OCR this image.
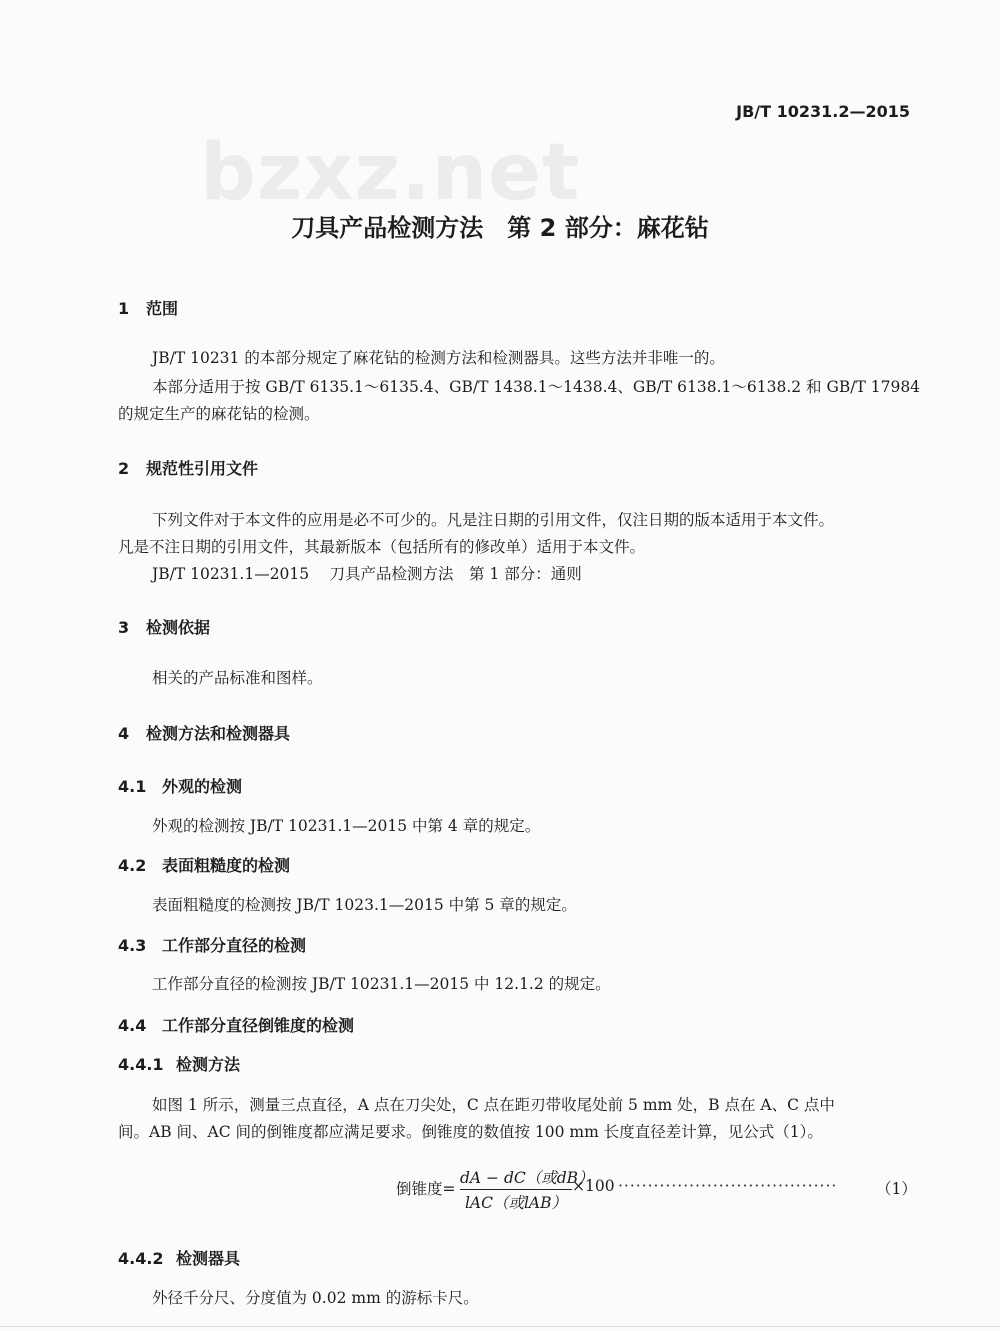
JB/T 10231.2—2015
bzxz.net
刀具产品检测方法　第 2 部分：麻花钻
1 范围
JB/T 10231 的本部分规定了麻花钻的检测方法和检测器具。这些方法并非唯一的。
本部分适用于按 GB/T 6135.1～6135.4、GB/T 1438.1～1438.4、GB/T 6138.1～6138.2 和 GB/T 17984
的规定生产的麻花钻的检测。
2 规范性引用文件
下列文件对于本文件的应用是必不可少的。凡是注日期的引用文件，仅注日期的版本适用于本文件。
凡是不注日期的引用文件，其最新版本（包括所有的修改单）适用于本文件。
JB/T 10231.1—2015　 刀具产品检测方法　第 1 部分：通则
3 检测依据
相关的产品标准和图样。
4 检测方法和检测器具
4.1 外观的检测
外观的检测按 JB/T 10231.1—2015 中第 4 章的规定。
4.2 表面粗糙度的检测
表面粗糙度的检测按 JB/T 1023.1—2015 中第 5 章的规定。
4.3 工作部分直径的检测
工作部分直径的检测按 JB/T 10231.1—2015 中 12.1.2 的规定。
4.4 工作部分直径倒锥度的检测
4.4.1 检测方法
如图 1 所示，测量三点直径，A 点在刀尖处，C 点在距刃带收尾处前 5 mm 处，B 点在 A、C 点中
间。AB 间、AC 间的倒锥度都应满足要求。倒锥度的数值按 100 mm 长度直径差计算，见公式（1）。
倒锥度=
dA − dC（或dB）
lAC（或lAB）
×100 ····································· （1）
4.4.2 检测器具
外径千分尺、分度值为 0.02 mm 的游标卡尺。
